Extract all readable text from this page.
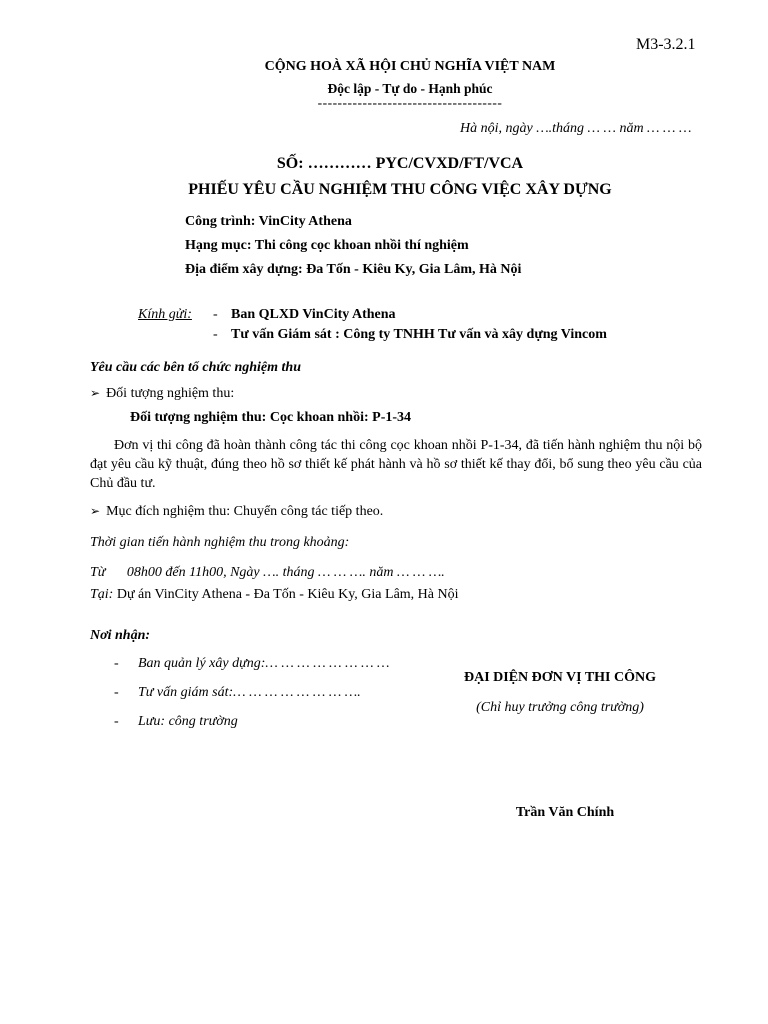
M3-3.2.1
CỘNG HOÀ XÃ HỘI CHỦ NGHĨA VIỆT NAM
Độc lập - Tự do - Hạnh phúc
-------------------------------------
Hà nội, ngày ….tháng … … năm … … …
SỐ: ………… PYC/CVXD/FT/VCA
PHIẾU YÊU CẦU NGHIỆM THU CÔNG VIỆC XÂY DỰNG
Công trình: VinCity Athena
Hạng mục: Thi công cọc khoan nhồi thí nghiệm
Địa điểm xây dựng: Đa Tốn - Kiêu Ky, Gia Lâm, Hà Nội
Kính gửi: - Ban QLXD VinCity Athena
- Tư vấn Giám sát : Công ty TNHH Tư vấn và xây dựng Vincom
Yêu cầu các bên tổ chức nghiệm thu
➢ Đối tượng nghiệm thu:
Đối tượng nghiệm thu: Cọc khoan nhồi: P-1-34
Đơn vị thi công đã hoàn thành công tác thi công cọc khoan nhồi P-1-34, đã tiến hành nghiệm thu nội bộ đạt yêu cầu kỹ thuật, đúng theo hồ sơ thiết kế phát hành và hồ sơ thiết kế thay đổi, bổ sung theo yêu cầu của Chủ đầu tư.
➢ Mục đích nghiệm thu: Chuyển công tác tiếp theo.
Thời gian tiến hành nghiệm thu trong khoảng:
Từ 08h00 đến 11h00, Ngày …. tháng … … …. năm … … ….
Tại: Dự án VinCity Athena - Đa Tốn - Kiêu Ky, Gia Lâm, Hà Nội
Nơi nhận:
- Ban quản lý xây dựng:… … … … … … … …
- Tư vấn giám sát:… … … … … … … ….
- Lưu: công trường
ĐẠI DIỆN ĐƠN VỊ THI CÔNG
(Chỉ huy trưởng công trường)
Trần Văn Chính
